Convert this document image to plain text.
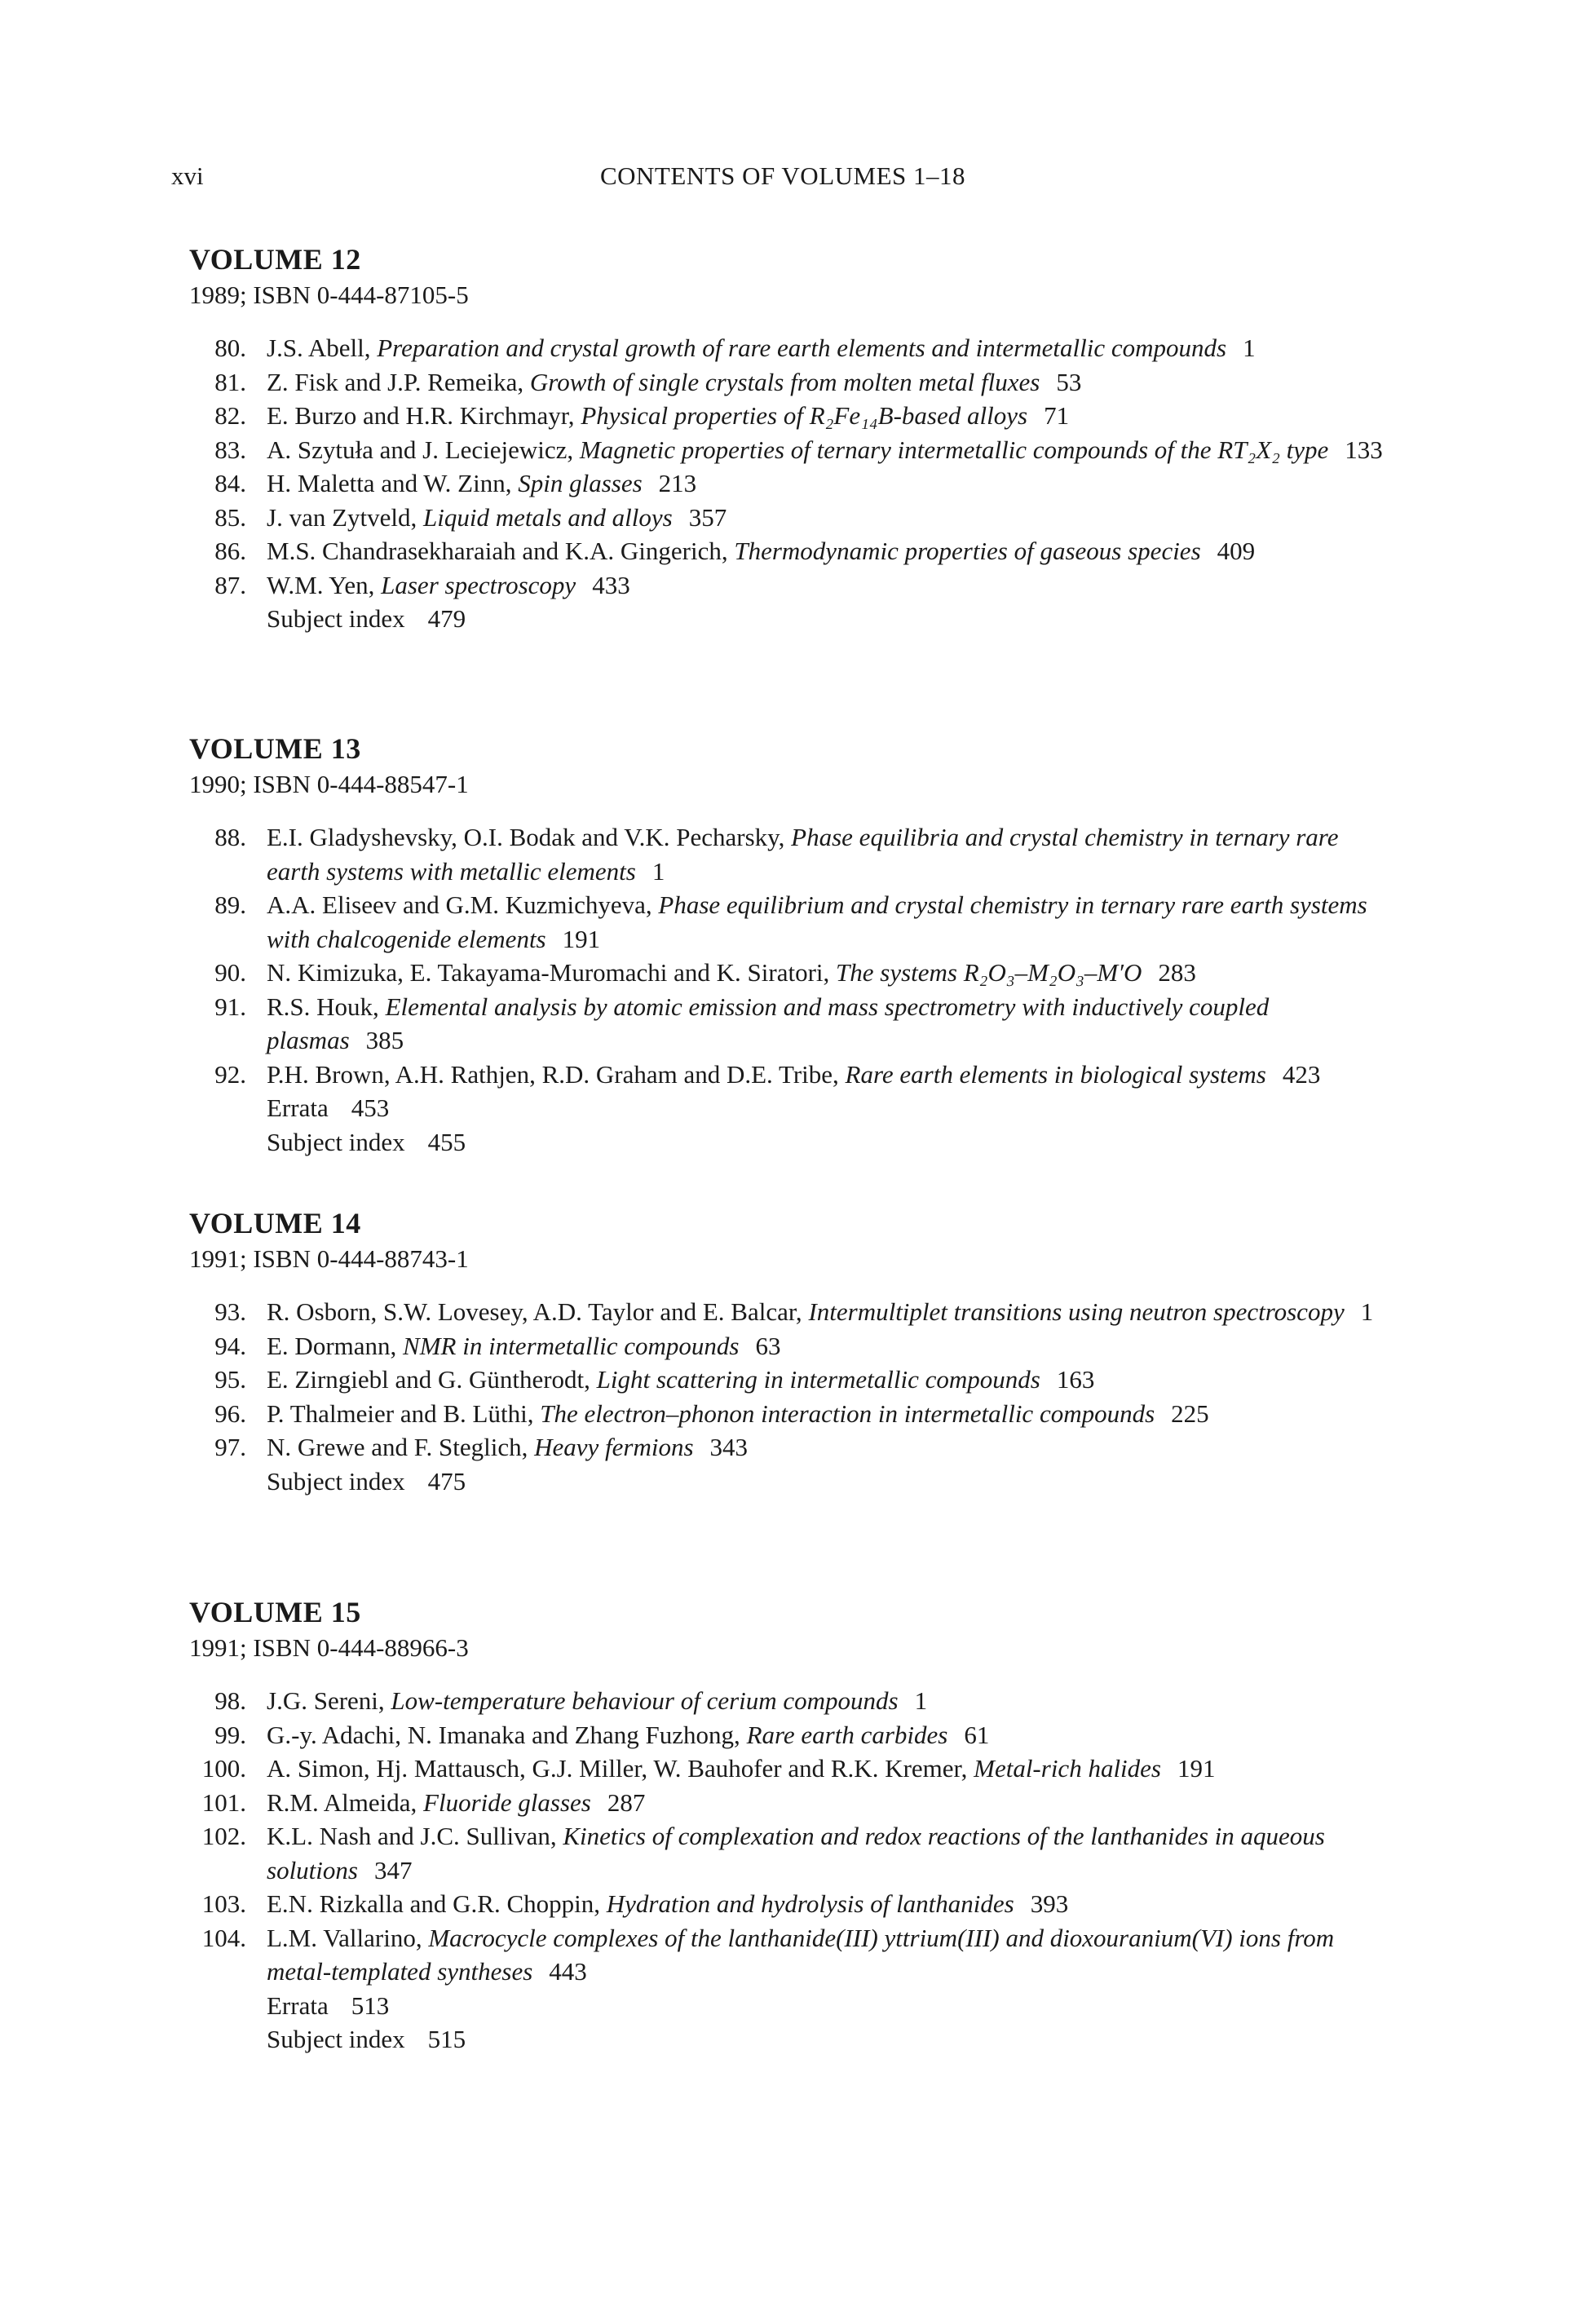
xvi	CONTENTS OF VOLUMES 1–18
VOLUME 12
1989; ISBN 0-444-87105-5
80. J.S. Abell, Preparation and crystal growth of rare earth elements and intermetallic compounds 1
81. Z. Fisk and J.P. Remeika, Growth of single crystals from molten metal fluxes 53
82. E. Burzo and H.R. Kirchmayr, Physical properties of R₂Fe₁₄B-based alloys 71
83. A. Szytuła and J. Leciejewicz, Magnetic properties of ternary intermetallic compounds of the RT₂X₂ type 133
84. H. Maletta and W. Zinn, Spin glasses 213
85. J. van Zytveld, Liquid metals and alloys 357
86. M.S. Chandrasekharaiah and K.A. Gingerich, Thermodynamic properties of gaseous species 409
87. W.M. Yen, Laser spectroscopy 433
Subject index 479
VOLUME 13
1990; ISBN 0-444-88547-1
88. E.I. Gladyshevsky, O.I. Bodak and V.K. Pecharsky, Phase equilibria and crystal chemistry in ternary rare earth systems with metallic elements 1
89. A.A. Eliseev and G.M. Kuzmichyeva, Phase equilibrium and crystal chemistry in ternary rare earth systems with chalcogenide elements 191
90. N. Kimizuka, E. Takayama-Muromachi and K. Siratori, The systems R₂O₃–M₂O₃–M′O 283
91. R.S. Houk, Elemental analysis by atomic emission and mass spectrometry with inductively coupled plasmas 385
92. P.H. Brown, A.H. Rathjen, R.D. Graham and D.E. Tribe, Rare earth elements in biological systems 423
Errata 453
Subject index 455
VOLUME 14
1991; ISBN 0-444-88743-1
93. R. Osborn, S.W. Lovesey, A.D. Taylor and E. Balcar, Intermultiplet transitions using neutron spectroscopy 1
94. E. Dormann, NMR in intermetallic compounds 63
95. E. Zirngiebl and G. Güntherodt, Light scattering in intermetallic compounds 163
96. P. Thalmeier and B. Lüthi, The electron–phonon interaction in intermetallic compounds 225
97. N. Grewe and F. Steglich, Heavy fermions 343
Subject index 475
VOLUME 15
1991; ISBN 0-444-88966-3
98. J.G. Sereni, Low-temperature behaviour of cerium compounds 1
99. G.-y. Adachi, N. Imanaka and Zhang Fuzhong, Rare earth carbides 61
100. A. Simon, Hj. Mattausch, G.J. Miller, W. Bauhofer and R.K. Kremer, Metal-rich halides 191
101. R.M. Almeida, Fluoride glasses 287
102. K.L. Nash and J.C. Sullivan, Kinetics of complexation and redox reactions of the lanthanides in aqueous solutions 347
103. E.N. Rizkalla and G.R. Choppin, Hydration and hydrolysis of lanthanides 393
104. L.M. Vallarino, Macrocycle complexes of the lanthanide(III) yttrium(III) and dioxouranium(VI) ions from metal-templated syntheses 443
Errata 513
Subject index 515
